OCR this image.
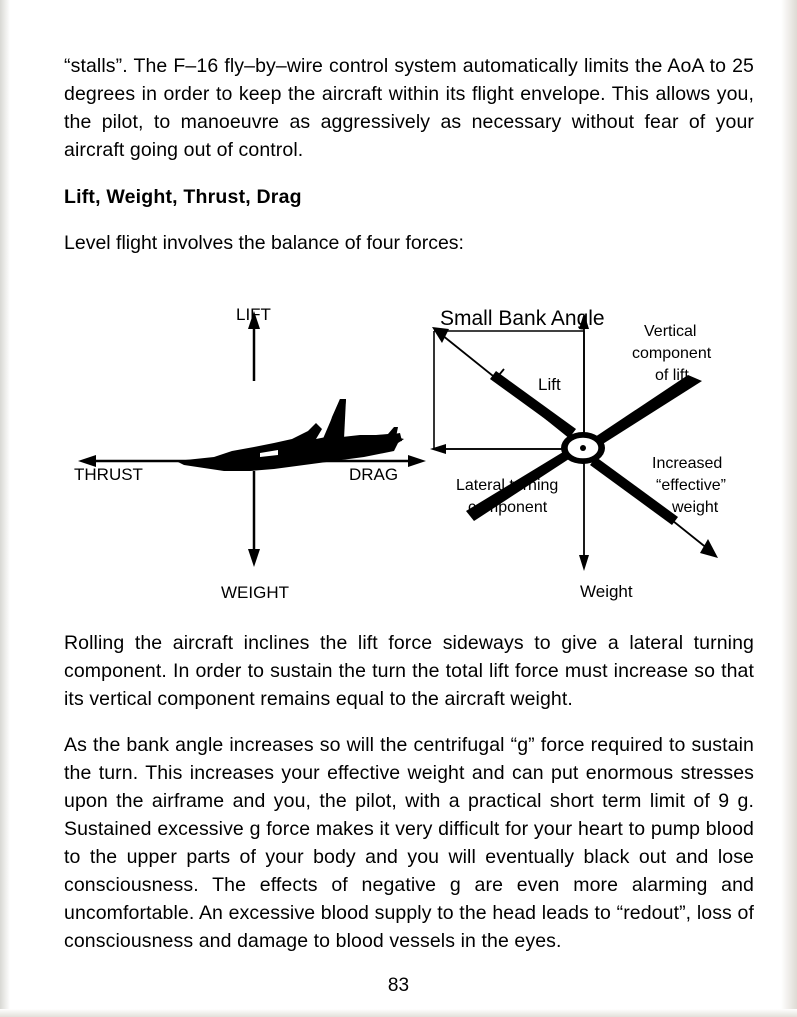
“stalls”. The F–16 fly–by–wire control system automatically limits the AoA to 25 degrees in order to keep the aircraft within its flight envelope. This allows you, the pilot, to manoeuvre as aggressively as necessary without fear of your aircraft going out of control.

Lift, Weight, Thrust, Drag

Level flight involves the balance of four forces:

LIFT
THRUST	DRAG
WEIGHT
Small Bank Angle
Lift
Vertical
component
of lift
Increased
“effective”
weight
Lateral turning
component
Weight

Rolling the aircraft inclines the lift force sideways to give a lateral turning component. In order to sustain the turn the total lift force must increase so that its vertical component remains equal to the aircraft weight.

As the bank angle increases so will the centrifugal “g” force required to sustain the turn. This increases your effective weight and can put enormous stresses upon the airframe and you, the pilot, with a practical short term limit of 9 g. Sustained excessive g force makes it very difficult for your heart to pump blood to the upper parts of your body and you will eventually black out and lose consciousness. The effects of negative g are even more alarming and uncomfortable. An excessive blood supply to the head leads to “redout”, loss of consciousness and damage to blood vessels in the eyes.

83
